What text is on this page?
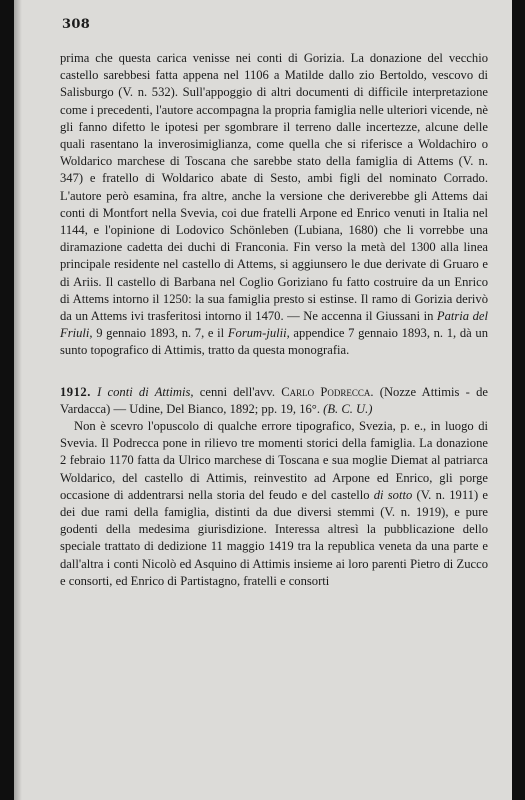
308

prima che questa carica venisse nei conti di Gorizia. La donazione del vecchio castello sarebbesi fatta appena nel 1106 a Matilde dallo zio Bertoldo, vescovo di Salisburgo (V. n. 532). Sull'appoggio di altri documenti di difficile interpretazione come i precedenti, l'autore accompagna la propria famiglia nelle ulteriori vicende, nè gli fanno difetto le ipotesi per sgombrare il terreno dalle incertezze, alcune delle quali rasentano la inverosimiglianza, come quella che si riferisce a Woldachiro o Woldarico marchese di Toscana che sarebbe stato della famiglia di Attems (V. n. 347) e fratello di Woldarico abate di Sesto, ambi figli del nominato Corrado. L'autore però esamina, fra altre, anche la versione che deriverebbe gli Attems dai conti di Montfort nella Svevia, coi due fratelli Arpone ed Enrico venuti in Italia nel 1144, e l'opinione di Lodovico Schönleben (Lubiana, 1680) che li vorrebbe una diramazione cadetta dei duchi di Franconia. Fin verso la metà del 1300 alla linea principale residente nel castello di Attems, si aggiunsero le due derivate di Gruaro e di Ariis. Il castello di Barbana nel Coglio Goriziano fu fatto costruire da un Enrico di Attems intorno il 1250: la sua famiglia presto si estinse. Il ramo di Gorizia derivò da un Attems ivi trasferitosi intorno il 1470. — Ne accenna il Giussani in Patria del Friuli, 9 gennaio 1893, n. 7, e il Forum-julii, appendice 7 gennaio 1893, n. 1, dà un sunto topografico di Attimis, tratto da questa monografia.

1912. I conti di Attimis, cenni dell'avv. Carlo Podrecca. (Nozze Attimis - de Vardacca) — Udine, Del Bianco, 1892; pp. 19, 16°. (B. C. U.)

Non è scevro l'opuscolo di qualche errore tipografico, Svezia, p. e., in luogo di Svevia. Il Podrecca pone in rilievo tre momenti storici della famiglia. La donazione 2 febraio 1170 fatta da Ulrico marchese di Toscana e sua moglie Diemat al patriarca Woldarico, del castello di Attimis, reinvestito ad Arpone ed Enrico, gli porge occasione di addentrarsi nella storia del feudo e del castello di sotto (V. n. 1911) e dei due rami della famiglia, distinti da due diversi stemmi (V. n. 1919), e pure godenti della medesima giurisdizione. Interessa altresì la pubblicazione dello speciale trattato di dedizione 11 maggio 1419 tra la republica veneta da una parte e dall'altra i conti Nicolò ed Asquino di Attimis insieme ai loro parenti Pietro di Zucco e consorti, ed Enrico di Partistagno, fratelli e consorti
